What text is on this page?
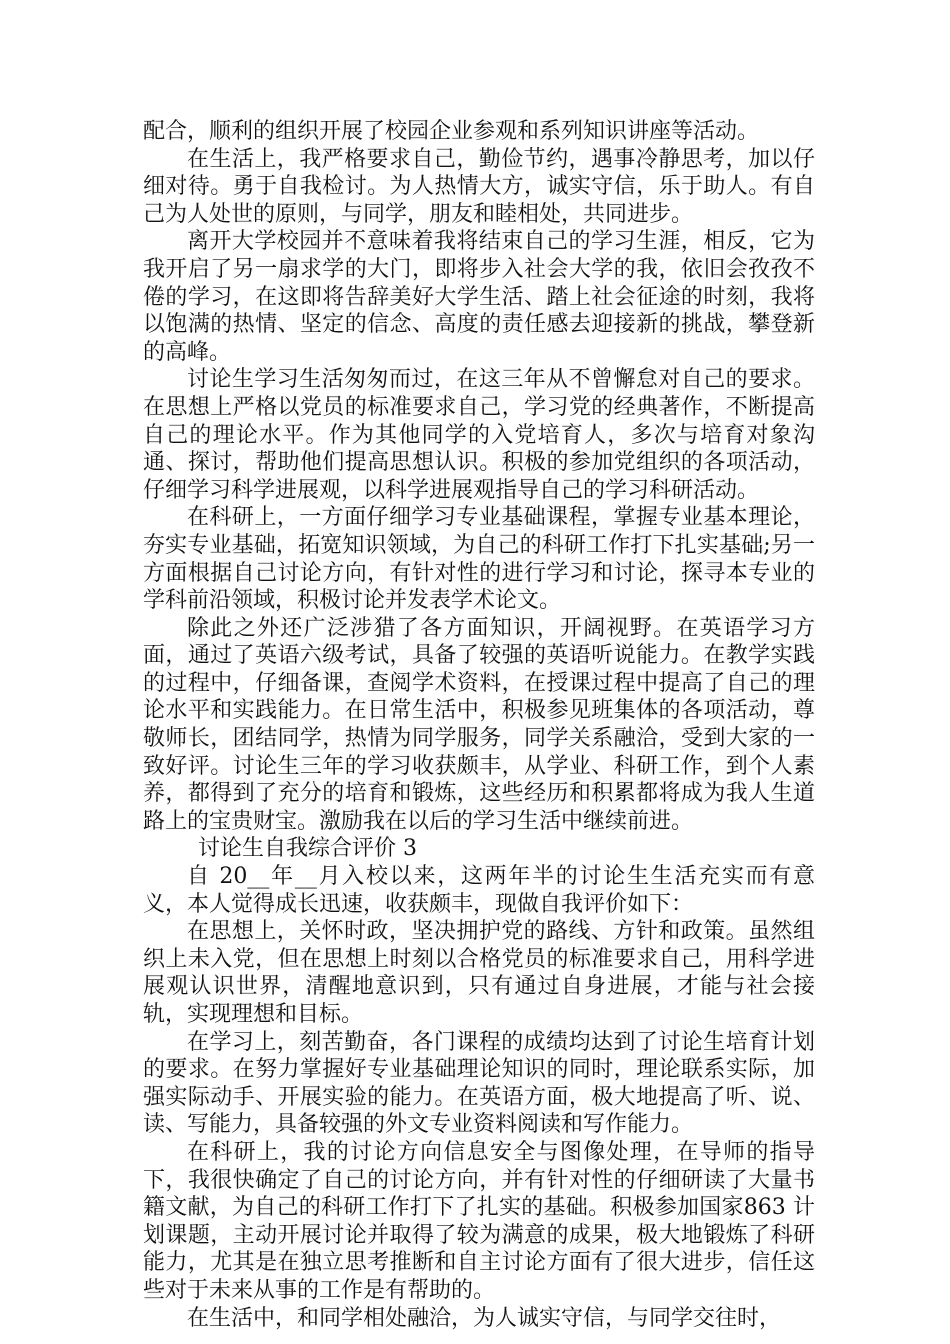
配合，顺利的组织开展了校园企业参观和系列知识讲座等活动。

在生活上，我严格要求自己，勤俭节约，遇事冷静思考，加以仔细对待。勇于自我检讨。为人热情大方，诚实守信，乐于助人。有自己为人处世的原则，与同学，朋友和睦相处，共同进步。

离开大学校园并不意味着我将结束自己的学习生涯，相反，它为我开启了另一扇求学的大门，即将步入社会大学的我，依旧会孜孜不倦的学习，在这即将告辞美好大学生活、踏上社会征途的时刻，我将以饱满的热情、坚定的信念、高度的责任感去迎接新的挑战，攀登新的高峰。

讨论生学习生活匆匆而过，在这三年从不曾懈怠对自己的要求。在思想上严格以党员的标准要求自己，学习党的经典著作，不断提高自己的理论水平。作为其他同学的入党培育人，多次与培育对象沟通、探讨，帮助他们提高思想认识。积极的参加党组织的各项活动，仔细学习科学进展观，以科学进展观指导自己的学习科研活动。

在科研上，一方面仔细学习专业基础课程，掌握专业基本理论，夯实专业基础，拓宽知识领域，为自己的科研工作打下扎实基础;另一方面根据自己讨论方向，有针对性的进行学习和讨论，探寻本专业的学科前沿领域，积极讨论并发表学术论文。

除此之外还广泛涉猎了各方面知识，开阔视野。在英语学习方面，通过了英语六级考试，具备了较强的英语听说能力。在教学实践的过程中，仔细备课，查阅学术资料，在授课过程中提高了自己的理论水平和实践能力。在日常生活中，积极参见班集体的各项活动，尊敬师长，团结同学，热情为同学服务，同学关系融洽，受到大家的一致好评。讨论生三年的学习收获颇丰，从学业、科研工作，到个人素养，都得到了充分的培育和锻炼，这些经历和积累都将成为我人生道路上的宝贵财宝。激励我在以后的学习生活中继续前进。

讨论生自我综合评价 3

自 20__年__月入校以来，这两年半的讨论生生活充实而有意义，本人觉得成长迅速，收获颇丰，现做自我评价如下：

在思想上，关怀时政，坚决拥护党的路线、方针和政策。虽然组织上未入党，但在思想上时刻以合格党员的标准要求自己，用科学进展观认识世界，清醒地意识到，只有通过自身进展，才能与社会接轨，实现理想和目标。

在学习上，刻苦勤奋，各门课程的成绩均达到了讨论生培育计划的要求。在努力掌握好专业基础理论知识的同时，理论联系实际，加强实际动手、开展实验的能力。在英语方面，极大地提高了听、说、读、写能力，具备较强的外文专业资料阅读和写作能力。

在科研上，我的讨论方向信息安全与图像处理，在导师的指导下，我很快确定了自己的讨论方向，并有针对性的仔细研读了大量书籍文献，为自己的科研工作打下了扎实的基础。积极参加国家863 计划课题，主动开展讨论并取得了较为满意的成果，极大地锻炼了科研能力，尤其是在独立思考推断和自主讨论方面有了很大进步，信任这些对于未来从事的工作是有帮助的。

在生活中，和同学相处融洽，为人诚实守信，与同学交往时，
